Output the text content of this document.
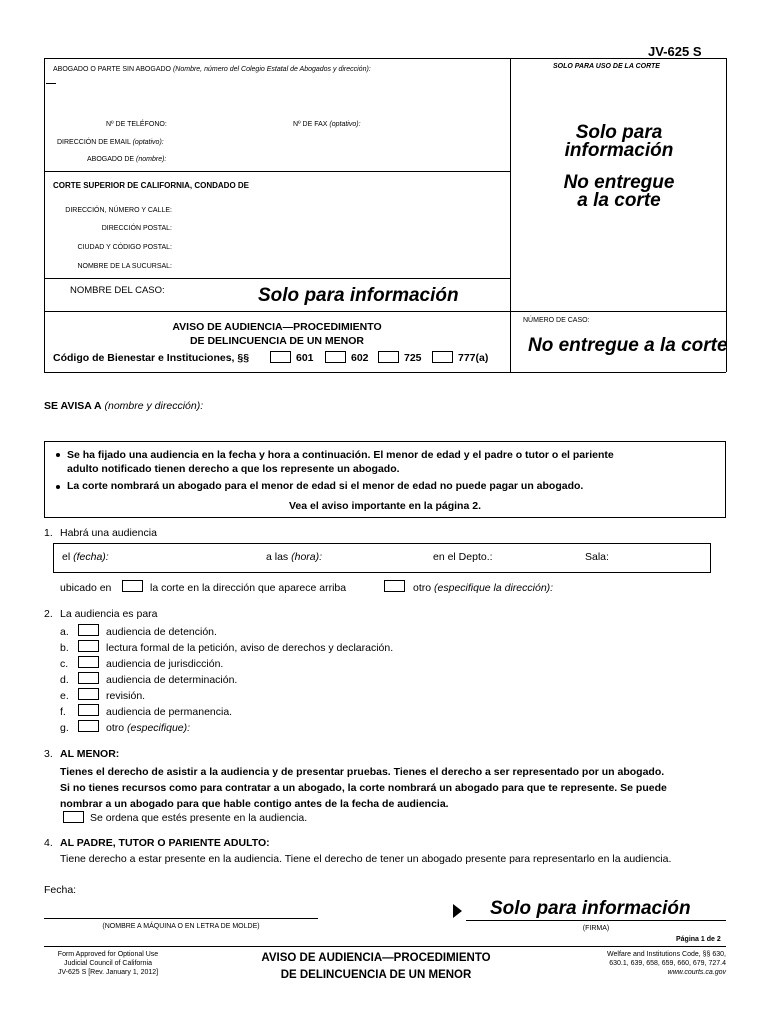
JV-625 S
ABOGADO O PARTE SIN ABOGADO (Nombre, número del Colegio Estatal de Abogados y dirección):
Nº DE TELÉFONO:	Nº DE FAX (optativo):
DIRECCIÓN DE EMAIL (optativo):
ABOGADO DE (nombre):
SOLO PARA USO DE LA CORTE
Solo para
información
No entregue
a la corte
CORTE SUPERIOR DE CALIFORNIA, CONDADO DE
DIRECCIÓN, NÚMERO Y CALLE:
DIRECCIÓN POSTAL:
CIUDAD Y CÓDIGO POSTAL:
NOMBRE DE LA SUCURSAL:
NOMBRE DEL CASO:	Solo para información
NÚMERO DE CASO:
No entregue a la corte
AVISO DE AUDIENCIA—PROCEDIMIENTO
DE DELINCUENCIA DE UN MENOR
Código de Bienestar e Instituciones, §§	601	602	725	777(a)
SE AVISA A (nombre y dirección):
Se ha fijado una audiencia en la fecha y hora a continuación. El menor de edad y el padre o tutor o el pariente
adulto notificado tienen derecho a que los represente un abogado.
La corte nombrará un abogado para el menor de edad si el menor de edad no puede pagar un abogado.
Vea el aviso importante en la página 2.
1. Habrá una audiencia
el (fecha):	a las (hora):	en el Depto.:	Sala:
ubicado en	la corte en la dirección que aparece arriba	otro (especifique la dirección):
2. La audiencia es para
a.	audiencia de detención.
b.	lectura formal de la petición, aviso de derechos y declaración.
c.	audiencia de jurisdicción.
d.	audiencia de determinación.
e.	revisión.
f.	audiencia de permanencia.
g.	otro (especifique):
3. AL MENOR:
Tienes el derecho de asistir a la audiencia y de presentar pruebas. Tienes el derecho a ser representado por un abogado.
Si no tienes recursos como para contratar a un abogado, la corte nombrará un abogado para que te represente. Se puede
nombrar a un abogado para que hable contigo antes de la fecha de audiencia.
Se ordena que estés presente en la audiencia.
4. AL PADRE, TUTOR O PARIENTE ADULTO:
Tiene derecho a estar presente en la audiencia. Tiene el derecho de tener un abogado presente para representarlo en la audiencia.
Fecha:
(NOMBRE A MÁQUINA O EN LETRA DE MOLDE)
Solo para información
(FIRMA)
Página 1 de 2
Form Approved for Optional Use
Judicial Council of California
JV-625 S [Rev. January 1, 2012]
AVISO DE AUDIENCIA—PROCEDIMIENTO
DE DELINCUENCIA DE UN MENOR
Welfare and Institutions Code, §§ 630,
630.1, 639, 658, 659, 660, 679, 727.4
www.courts.ca.gov
